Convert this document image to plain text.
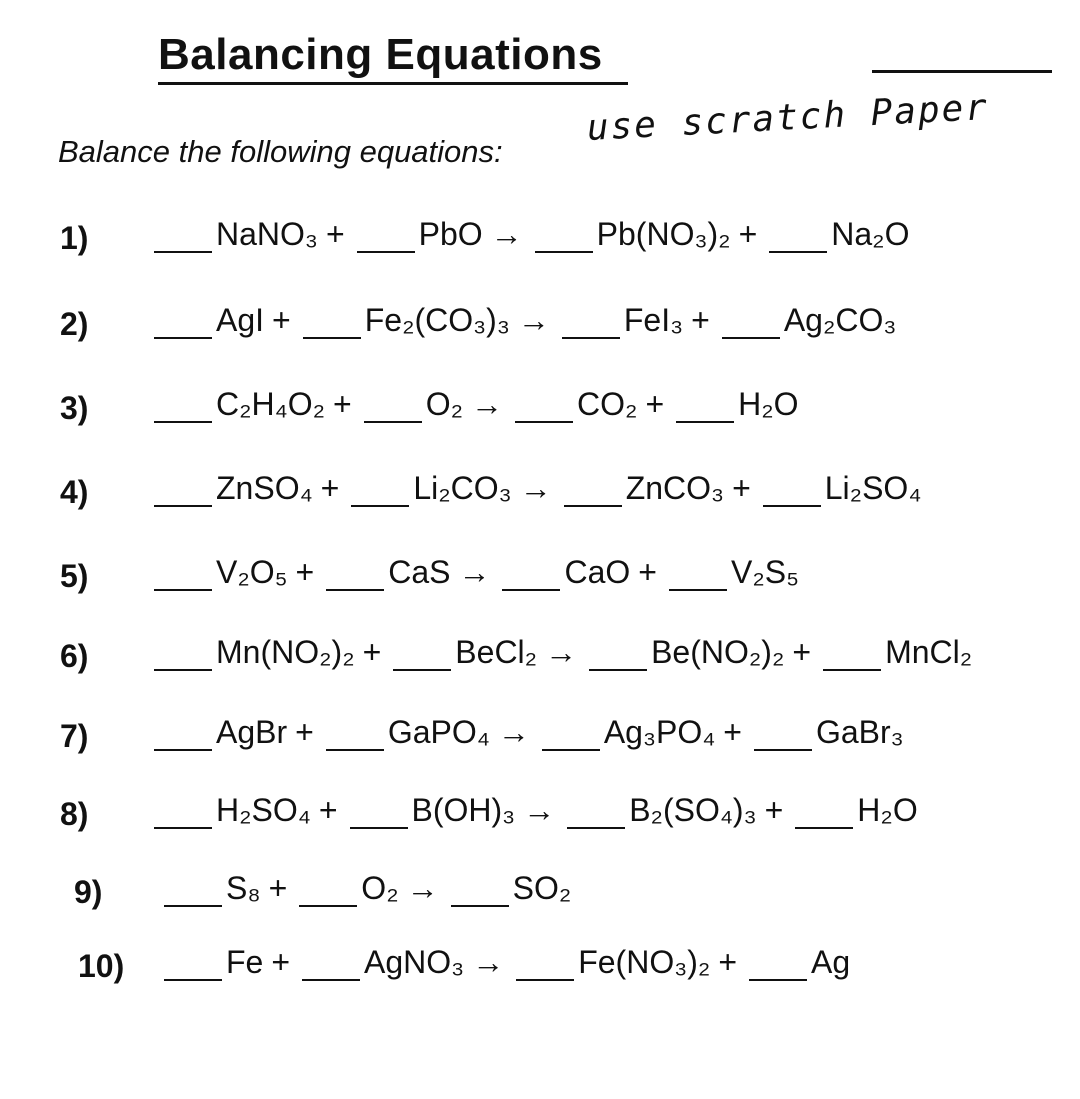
Balancing Equations
Balance the following equations:
use scratch Paper
1)	NaNO₃ + PbO → Pb(NO₃)₂ + Na₂O
2)	AgI + Fe₂(CO₃)₃ → FeI₃ + Ag₂CO₃
3)	C₂H₄O₂ + O₂ → CO₂ + H₂O
4)	ZnSO₄ + Li₂CO₃ → ZnCO₃ + Li₂SO₄
5)	V₂O₅ + CaS → CaO + V₂S₅
6)	Mn(NO₂)₂ + BeCl₂ → Be(NO₂)₂ + MnCl₂
7)	AgBr + GaPO₄ → Ag₃PO₄ + GaBr₃
8)	H₂SO₄ + B(OH)₃ → B₂(SO₄)₃ + H₂O
9)	S₈ + O₂ → SO₂
10)	Fe + AgNO₃ → Fe(NO₃)₂ + Ag
